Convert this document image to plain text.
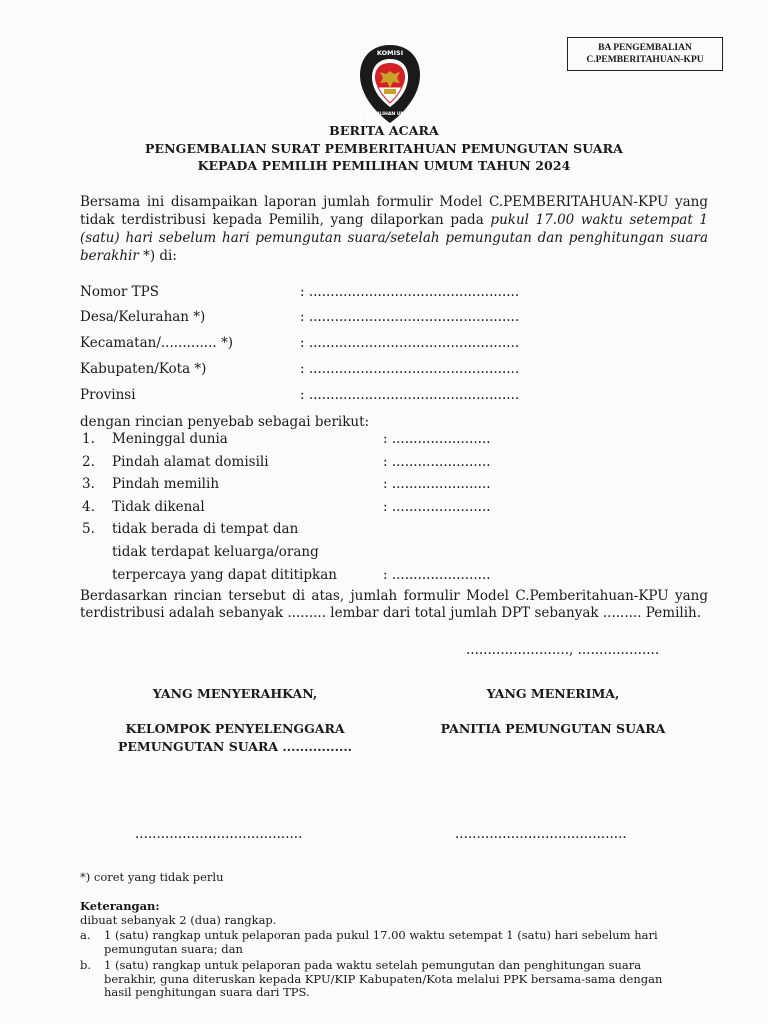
BA PENGEMBALIAN
C.PEMBERITAHUAN-KPU
KOMISI
PEMILIHAN UMUM
BERITA ACARA
PENGEMBALIAN SURAT PEMBERITAHUAN PEMUNGUTAN SUARA
KEPADA PEMILIH PEMILIHAN UMUM TAHUN 2024
Bersama ini disampaikan laporan jumlah formulir Model C.PEMBERITAHUAN-KPU yang tidak terdistribusi kepada Pemilih, yang dilaporkan pada pukul 17.00 waktu setempat 1 (satu) hari sebelum hari pemungutan suara/setelah pemungutan dan penghitungan suara berakhir *) di:
Nomor TPS	: .................................................
Desa/Kelurahan *)	: .................................................
Kecamatan/............. *)	: .................................................
Kabupaten/Kota *)	: .................................................
Provinsi	: .................................................
dengan rincian penyebab sebagai berikut:
1. Meninggal dunia	: .......................
2. Pindah alamat domisili	: .......................
3. Pindah memilih	: .......................
4. Tidak dikenal	: .......................
5. tidak berada di tempat dan
tidak terdapat keluarga/orang
terpercaya yang dapat dititipkan	: .......................
Berdasarkan rincian tersebut di atas, jumlah formulir Model C.Pemberitahuan-KPU yang terdistribusi adalah sebanyak ......... lembar dari total jumlah DPT sebanyak ......... Pemilih.
........................, ...................
YANG MENYERAHKAN,	YANG MENERIMA,
KELOMPOK PENYELENGGARA
PEMUNGUTAN SUARA ................
PANITIA PEMUNGUTAN SUARA
.......................................	........................................
*) coret yang tidak perlu
Keterangan:
dibuat sebanyak 2 (dua) rangkap.
a. 1 (satu) rangkap untuk pelaporan pada pukul 17.00 waktu setempat 1 (satu) hari sebelum hari pemungutan suara; dan
b. 1 (satu) rangkap untuk pelaporan pada waktu setelah pemungutan dan penghitungan suara berakhir, guna diteruskan kepada KPU/KIP Kabupaten/Kota melalui PPK bersama-sama dengan hasil penghitungan suara dari TPS.
